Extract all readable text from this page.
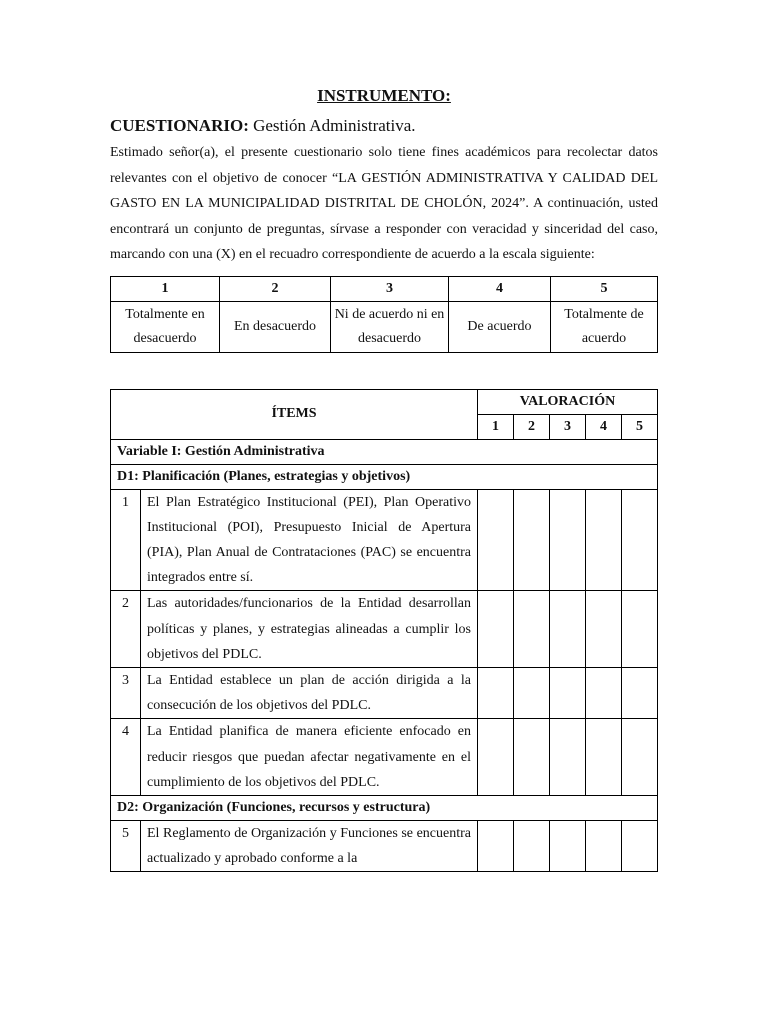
INSTRUMENTO:

CUESTIONARIO: Gestión Administrativa.
Estimado señor(a), el presente cuestionario solo tiene fines académicos para recolectar datos relevantes con el objetivo de conocer “LA GESTIÓN ADMINISTRATIVA Y CALIDAD DEL GASTO EN LA MUNICIPALIDAD DISTRITAL DE CHOLÓN, 2024”. A continuación, usted encontrará un conjunto de preguntas, sírvase a responder con veracidad y sinceridad del caso, marcando con una (X) en el recuadro correspondiente de acuerdo a la escala siguiente:
1	2	3	4	5
Totalmente en desacuerdo	En desacuerdo	Ni de acuerdo ni en desacuerdo	De acuerdo	Totalmente de acuerdo
ÍTEMS		VALORACIÓN				
		1	2	3	4	5
Variable I: Gestión Administrativa						
D1: Planificación (Planes, estrategias y objetivos)						
1	El Plan Estratégico Institucional (PEI), Plan Operativo Institucional (POI), Presupuesto Inicial de Apertura (PIA), Plan Anual de Contrataciones (PAC) se encuentra integrados entre sí.					
2	Las autoridades/funcionarios de la Entidad desarrollan políticas y planes, y estrategias alineadas a cumplir los objetivos del PDLC.					
3	La Entidad establece un plan de acción dirigida a la consecución de los objetivos del PDLC.					
4	La Entidad planifica de manera eficiente enfocado en reducir riesgos que puedan afectar negativamente en el cumplimiento de los objetivos del PDLC.					
D2: Organización (Funciones, recursos y estructura)						
5	El Reglamento de Organización y Funciones se encuentra actualizado y aprobado conforme a la					
